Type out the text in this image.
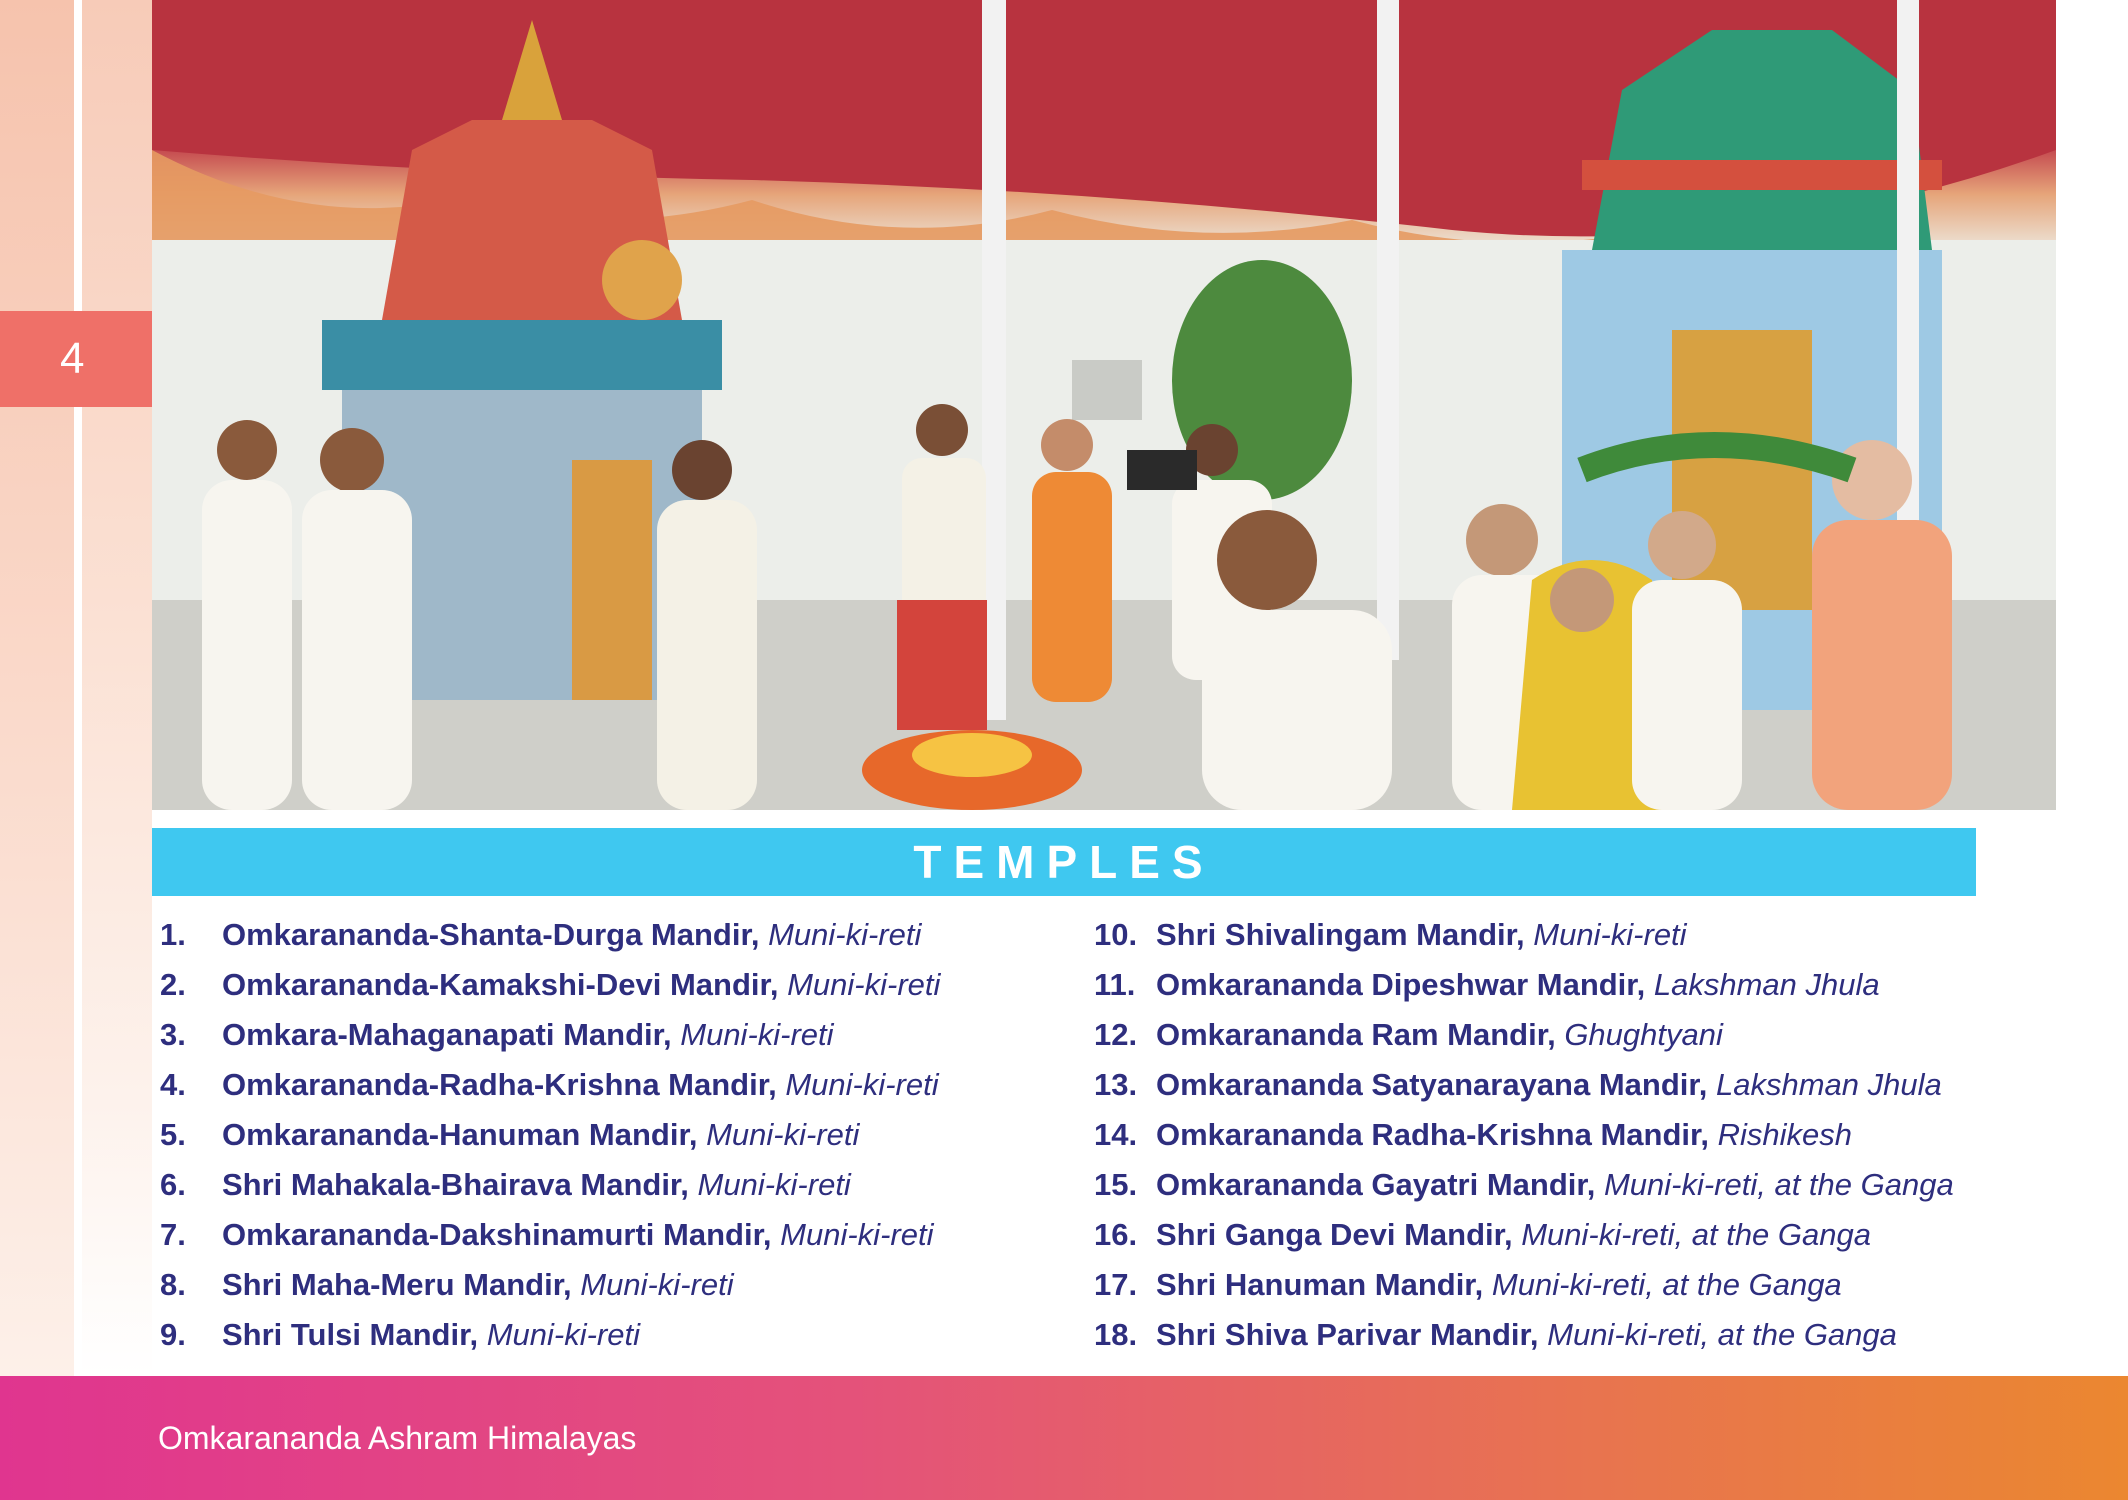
4
TEMPLES
1. Omkarananda-Shanta-Durga Mandir, Muni-ki-reti
2. Omkarananda-Kamakshi-Devi Mandir, Muni-ki-reti
3. Omkara-Mahaganapati Mandir, Muni-ki-reti
4. Omkarananda-Radha-Krishna Mandir, Muni-ki-reti
5. Omkarananda-Hanuman Mandir, Muni-ki-reti
6. Shri Mahakala-Bhairava Mandir, Muni-ki-reti
7. Omkarananda-Dakshinamurti Mandir, Muni-ki-reti
8. Shri Maha-Meru Mandir, Muni-ki-reti
9. Shri Tulsi Mandir, Muni-ki-reti
10. Shri Shivalingam Mandir, Muni-ki-reti
11. Omkarananda Dipeshwar Mandir, Lakshman Jhula
12. Omkarananda Ram Mandir, Ghughtyani
13. Omkarananda Satyanarayana Mandir, Lakshman Jhula
14. Omkarananda Radha-Krishna Mandir, Rishikesh
15. Omkarananda Gayatri Mandir, Muni-ki-reti, at the Ganga
16. Shri Ganga Devi Mandir, Muni-ki-reti, at the Ganga
17. Shri Hanuman Mandir, Muni-ki-reti, at the Ganga
18. Shri Shiva Parivar Mandir, Muni-ki-reti, at the Ganga
Omkarananda Ashram Himalayas
